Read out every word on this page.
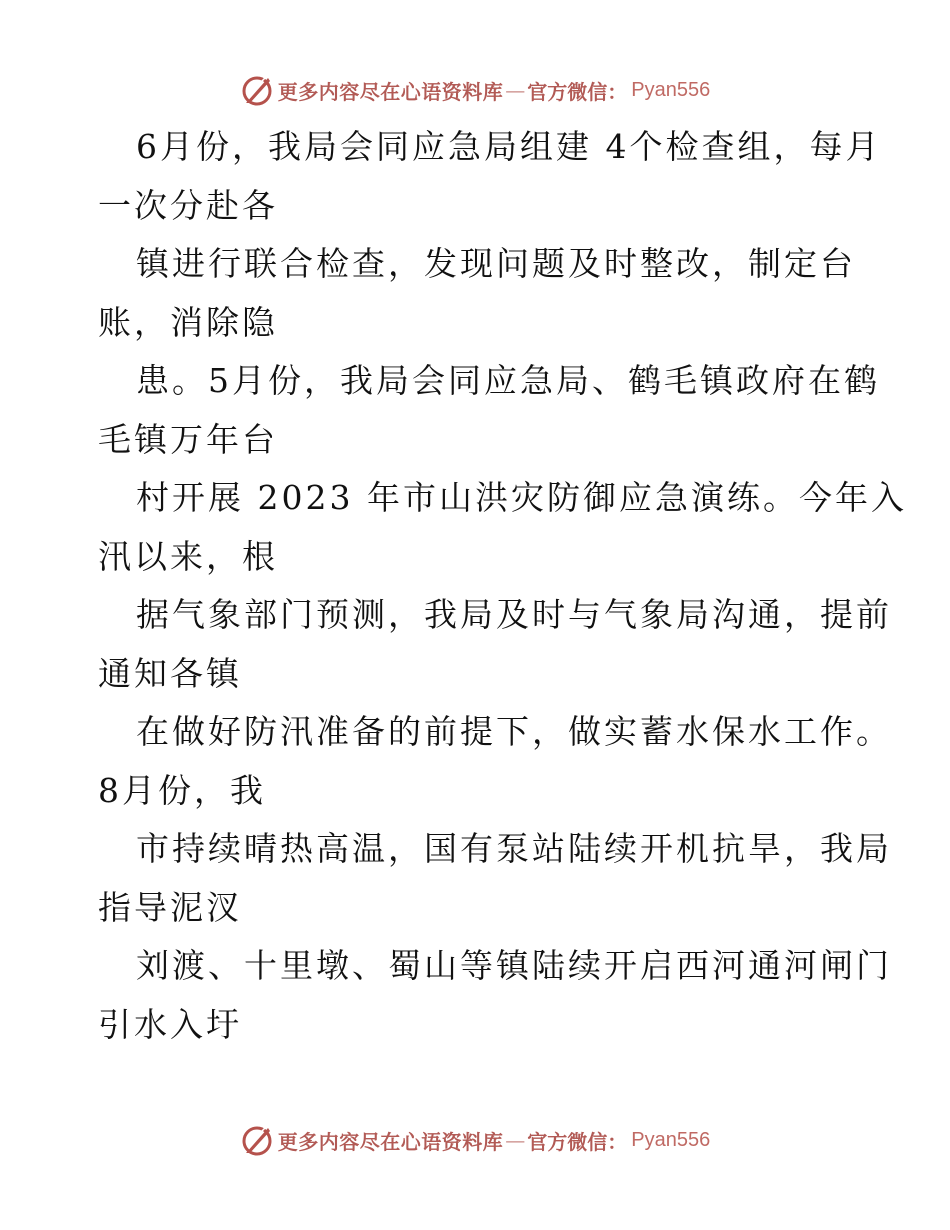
更多内容尽在心语资料库 — 官方微信： Pyan556
6月份，我局会同应急局组建 4个检查组，每月
一次分赴各
镇进行联合检查，发现问题及时整改，制定台
账，消除隐
患。5月份，我局会同应急局、鹤毛镇政府在鹤
毛镇万年台
村开展 2023 年市山洪灾防御应急演练。今年入
汛以来，根
据气象部门预测，我局及时与气象局沟通，提前
通知各镇
在做好防汛准备的前提下，做实蓄水保水工作。
8月份，我
市持续晴热高温，国有泵站陆续开机抗旱，我局
指导泥汊
刘渡、十里墩、蜀山等镇陆续开启西河通河闸门
引水入圩
更多内容尽在心语资料库 — 官方微信： Pyan556
